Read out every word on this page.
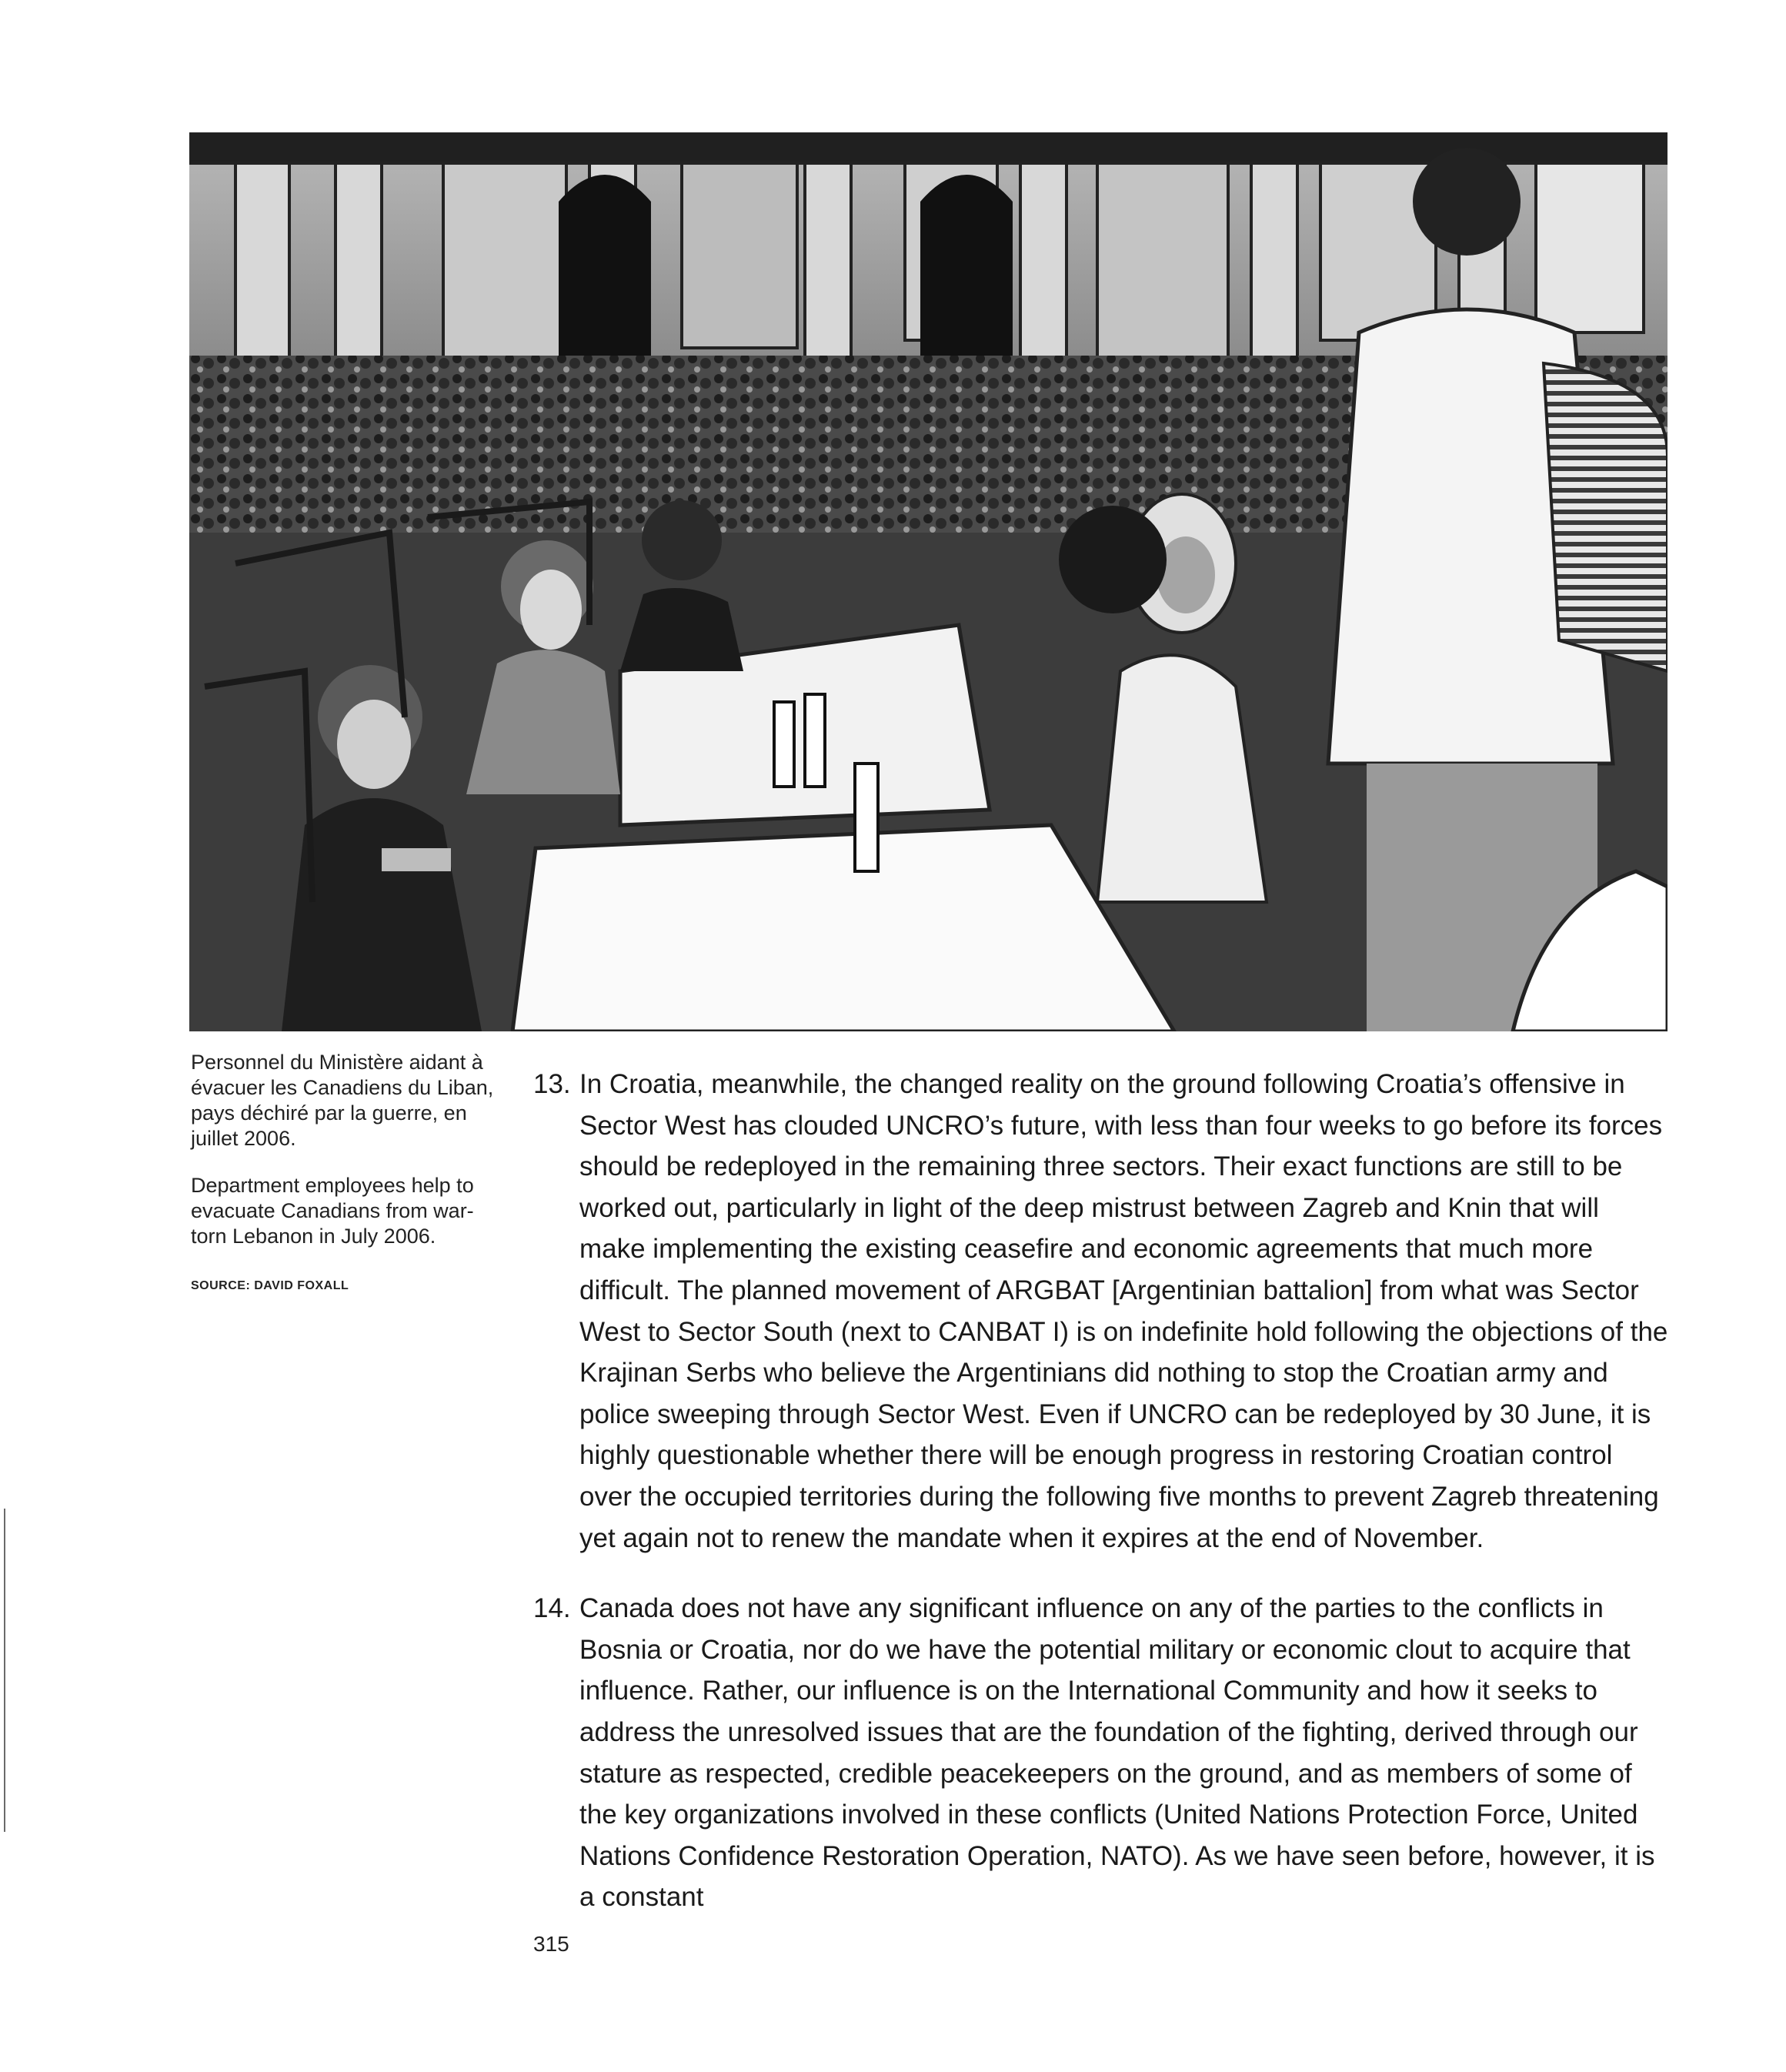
Personnel du Ministère aidant à évacuer les Canadiens du Liban, pays déchiré par la guerre, en juillet 2006.

Department employees help to evacuate Canadians from war-torn Lebanon in July 2006.

SOURCE: DAVID FOXALL

13. In Croatia, meanwhile, the changed reality on the ground following Croatia’s offensive in Sector West has clouded UNCRO’s future, with less than four weeks to go before its forces should be redeployed in the remaining three sectors. Their exact functions are still to be worked out, particularly in light of the deep mistrust between Zagreb and Knin that will make implementing the existing ceasefire and economic agreements that much more difficult. The planned movement of ARGBAT [Argentinian battalion] from what was Sector West to Sector South (next to CANBAT I) is on indefinite hold following the objections of the Krajinan Serbs who believe the Argentinians did nothing to stop the Croatian army and police sweeping through Sector West. Even if UNCRO can be redeployed by 30 June, it is highly questionable whether there will be enough progress in restoring Croatian control over the occupied territories during the following five months to prevent Zagreb threatening yet again not to renew the mandate when it expires at the end of November.
14. Canada does not have any significant influence on any of the parties to the conflicts in Bosnia or Croatia, nor do we have the potential military or economic clout to acquire that influence. Rather, our influence is on the International Community and how it seeks to address the unresolved issues that are the foundation of the fighting, derived through our stature as respected, credible peacekeepers on the ground, and as members of some of the key organizations involved in these conflicts (United Nations Protection Force, United Nations Confidence Restoration Operation, NATO). As we have seen before, however, it is a constant
315
